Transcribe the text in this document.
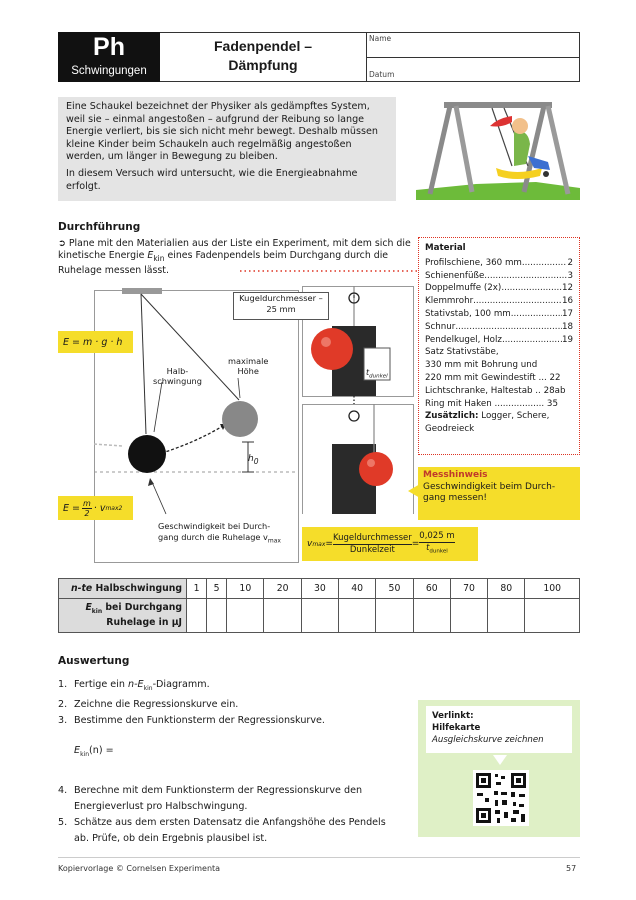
Ph
Schwingungen
Fadenpendel –
Dämpfung
Name
Datum

Eine Schaukel bezeichnet der Physiker als gedämpftes System, weil sie – einmal angestoßen – aufgrund der Reibung so lange Energie verliert, bis sie sich nicht mehr bewegt. Deshalb müssen kleine Kinder beim Schaukeln auch regelmäßig angestoßen werden, um länger in Bewegung zu bleiben.

In diesem Versuch wird untersucht, wie die Energieabnahme erfolgt.

Durchführung
➲ Plane mit den Materialien aus der Liste ein Experiment, mit dem sich die kinetische Energie $E_{kin}$ eines Fadenpendels beim Durchgang durch die Ruhelage messen lässt.
Material
Profilschiene, 360 mm .....	2
Schienenfüße .....	3
Doppelmuffe (2x) .....	12
Klemmrohr .....	16
Stativstab, 100 mm .....	17
Schnur .....	18
Pendelkugel, Holz .....	19
Satz Stativstäbe,
330 mm mit Bohrung und
220 mm mit Gewindestift ... 22
Lichtschranke, Haltestab .. 28ab
Ring mit Haken .................. 35
Zusätzlich: Logger, Schere, Geodreieck
Halb-
schwingung
maximale
Höhe
$h_0$
Geschwindigkeit bei Durch-
gang durch die Ruhelage $v_{max}$
E = m · g · h
$E = \frac{m}{2} \cdot v$ max 2
Kugeldurchmesser –
25 mm
$t_{dunkel}$
v max =
Kugeldurchmesser
Dunkelzeit
=
0,025 m
$t_{dunkel}$
Messhinweis
Geschwindigkeit beim Durch-gang messen!
n-te Halbschwingung	1	5	10	20	30	40	50	60	70	80	100
$E_{kin}$ bei Durchgang
Ruhelage in µJ											
Auswertung
1. Fertige ein $n-E_{kin}$-Diagramm.
2. Zeichne die Regressionskurve ein.
3. Bestimme den Funktionsterm der Regressionskurve.
$E_{kin}(n)$ =
4. Berechne mit dem Funktionsterm der Regressionskurve den Energieverlust pro Halbschwingung.
5. Schätze aus dem ersten Datensatz die Anfangshöhe des Pendels ab. Prüfe, ob dein Ergebnis plausibel ist.
Verlinkt:
Hilfekarte
Ausgleichskurve zeichnen
Kopiervorlage © Cornelsen Experimenta	57
